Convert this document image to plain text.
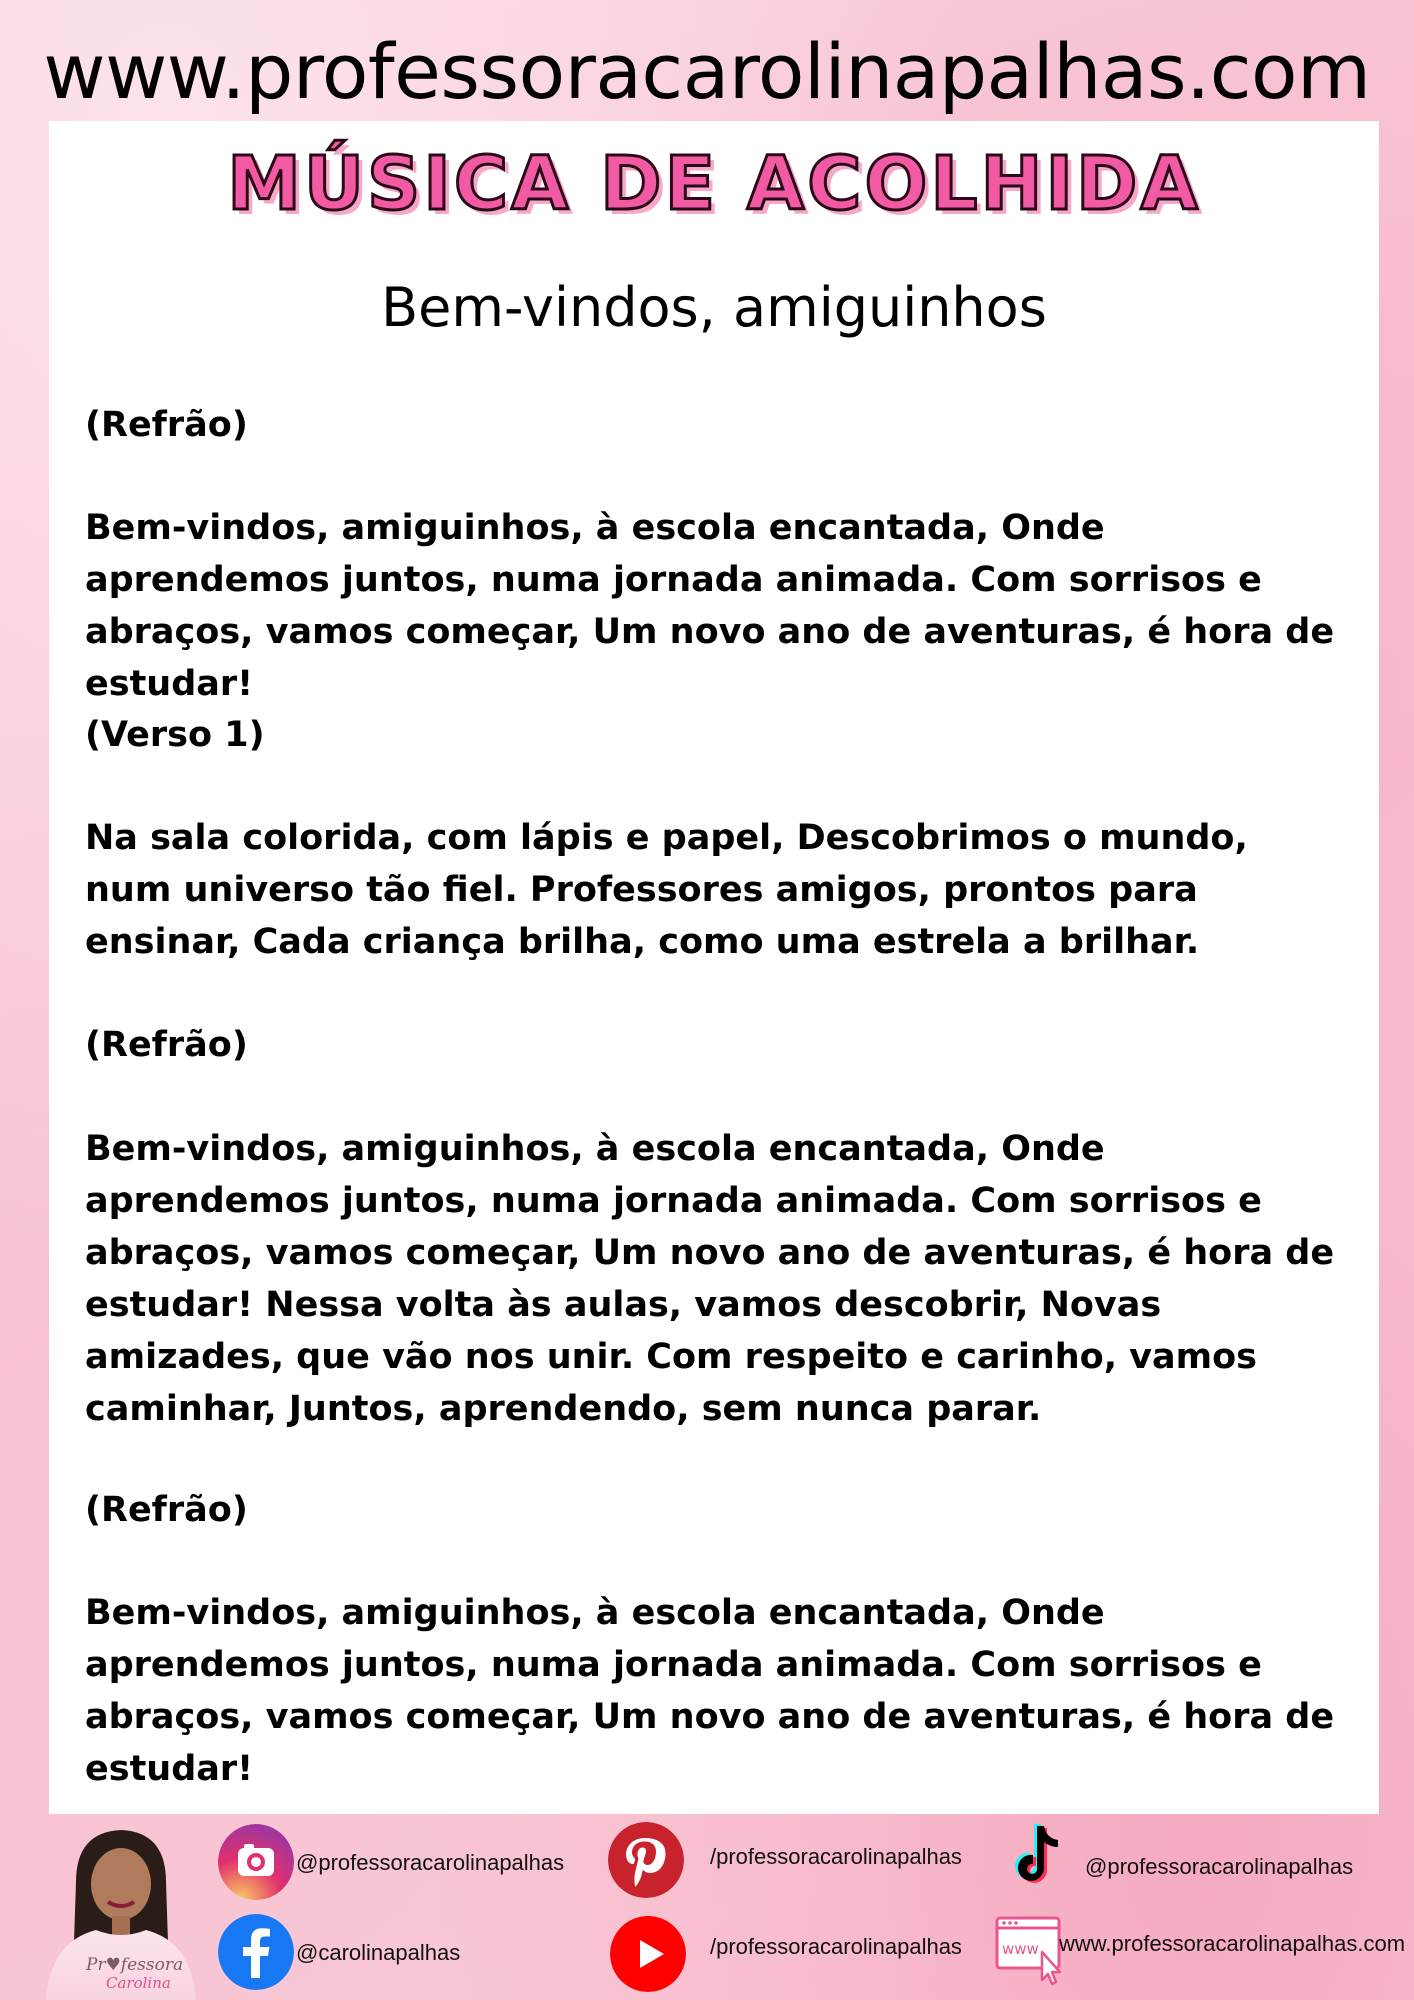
www.professoracarolinapalhas.com
MÚSICA DE ACOLHIDA
Bem-vindos, amiguinhos

(Refrão)

Bem-vindos, amiguinhos, à escola encantada, Onde aprendemos juntos, numa jornada animada. Com sorrisos e abraços, vamos começar, Um novo ano de aventuras, é hora de estudar!

(Verso 1)

Na sala colorida, com lápis e papel, Descobrimos o mundo, num universo tão fiel. Professores amigos, prontos para ensinar, Cada criança brilha, como uma estrela a brilhar.

(Refrão)

Bem-vindos, amiguinhos, à escola encantada, Onde aprendemos juntos, numa jornada animada. Com sorrisos e abraços, vamos começar, Um novo ano de aventuras, é hora de estudar! Nessa volta às aulas, vamos descobrir, Novas amizades, que vão nos unir. Com respeito e carinho, vamos caminhar, Juntos, aprendendo, sem nunca parar.

(Refrão)

Bem-vindos, amiguinhos, à escola encantada, Onde aprendemos juntos, numa jornada animada. Com sorrisos e abraços, vamos começar, Um novo ano de aventuras, é hora de estudar!

Pr♥fessora
Carolina
@professoracarolinapalhas
@carolinapalhas
/professoracarolinapalhas
/professoracarolinapalhas
@professoracarolinapalhas
www www.professoracarolinapalhas.com
